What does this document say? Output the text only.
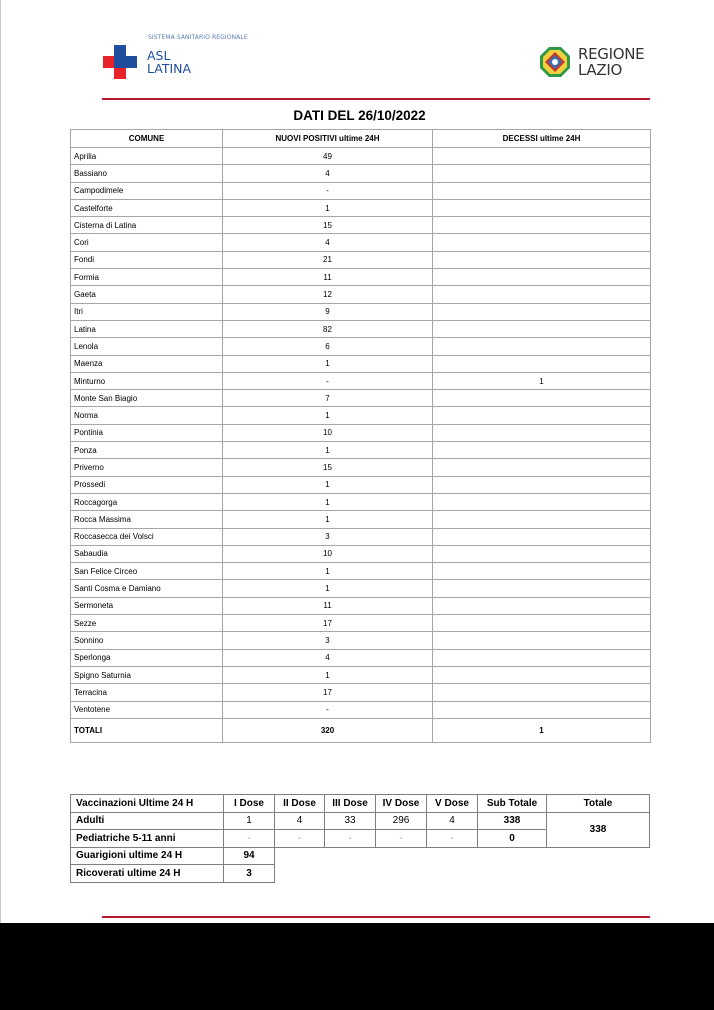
SISTEMA SANITARIO REGIONALE
ASL
LATINA
REGIONE
LAZIO
DATI DEL 26/10/2022
COMUNE	NUOVI POSITIVI ultime 24H	DECESSI ultime 24H
Aprilia	49	
Bassiano	4	
Campodimele	-	
Castelforte	1	
Cisterna di Latina	15	
Cori	4	
Fondi	21	
Formia	11	
Gaeta	12	
Itri	9	
Latina	82	
Lenola	6	
Maenza	1	
Minturno	-	1
Monte San Biagio	7	
Norma	1	
Pontinia	10	
Ponza	1	
Priverno	15	
Prossedi	1	
Roccagorga	1	
Rocca Massima	1	
Roccasecca dei Volsci	3	
Sabaudia	10	
San Felice Circeo	1	
Santi Cosma e Damiano	1	
Sermoneta	11	
Sezze	17	
Sonnino	3	
Sperlonga	4	
Spigno Saturnia	1	
Terracina	17	
Ventotene	-	
TOTALI	320	1
Vaccinazioni Ultime 24 H	I Dose	II Dose	III Dose	IV Dose	V Dose	Sub Totale	Totale
Adulti	1	4	33	296	4	338	338
Pediatriche 5-11 anni	-	-	-	-	-	0	
Guarigioni ultime 24 H	94						
Ricoverati ultime 24 H	3						
